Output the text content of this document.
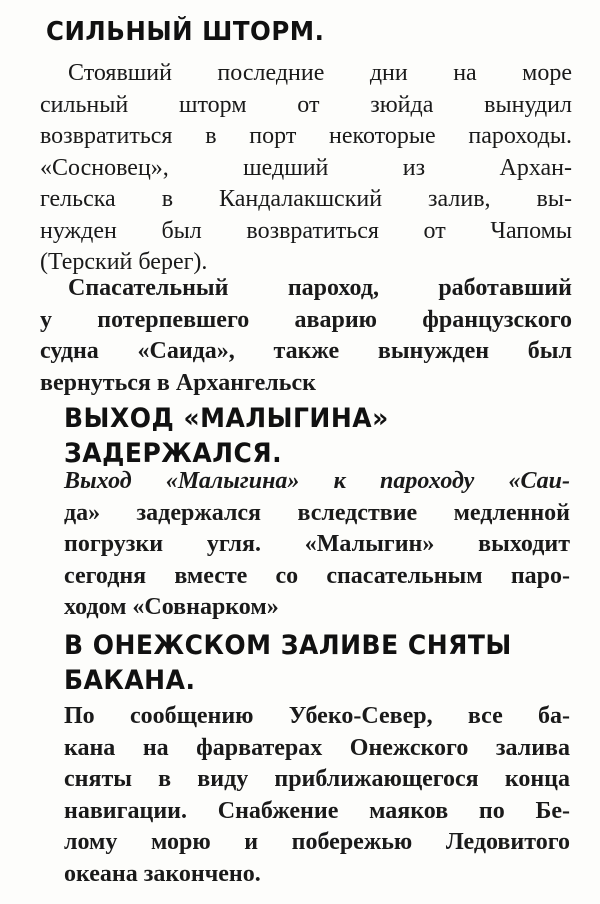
СИЛЬНЫЙ ШТОРМ.

Стоявший последние дни на море
сильный шторм от зюйда вынудил
возвратиться в порт некоторые пароходы.
«Сосновец», шедший из Архан-
гельска в Кандалакшский залив, вы-
нужден был возвратиться от Чапомы
(Терский берег).

Спасательный пароход, работавший
у потерпевшего аварию французского
судна «Саида», также вынужден был
вернуться в Архангельск

ВЫХОД «МАЛЫГИНА»
ЗАДЕРЖАЛСЯ.

Выход «Малыгина» к пароходу «Саи-
да» задержался вследствие медленной
погрузки угля. «Малыгин» выходит
сегодня вместе со спасательным паро-
ходом «Совнарком»

В ОНЕЖСКОМ ЗАЛИВЕ СНЯТЫ
БАКАНА.

По сообщению Убеко-Север, все ба-
кана на фарватерах Онежского залива
сняты в виду приближающегося конца
навигации. Снабжение маяков по Бе-
лому морю и побережью Ледовитого
океана закончено.
